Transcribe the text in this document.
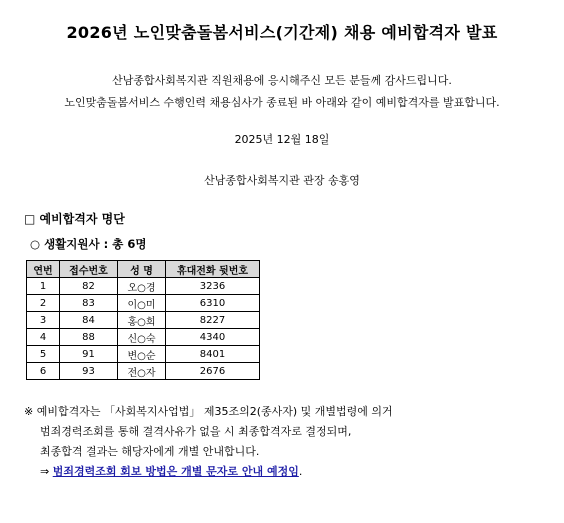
2026년 노인맞춤돌봄서비스(기간제) 채용 예비합격자 발표
산남종합사회복지관 직원채용에 응시해주신 모든 분들께 감사드립니다.
노인맞춤돌봄서비스 수행인력 채용심사가 종료된 바 아래와 같이 예비합격자를 발표합니다.
2025년 12월 18일
산남종합사회복지관 관장 송홍영
□ 예비합격자 명단
○ 생활지원사 : 총 6명
연번	접수번호	성 명	휴대전화 뒷번호
1	82	오○경	3236
2	83	이○미	6310
3	84	홍○희	8227
4	88	신○숙	4340
5	91	변○순	8401
6	93	전○자	2676
※ 예비합격자는 「사회복지사업법」 제35조의2(종사자) 및 개별법령에 의거
범죄경력조회를 통해 결격사유가 없을 시 최종합격자로 결정되며,
최종합격 결과는 해당자에게 개별 안내합니다.
⇒ 범죄경력조회 회보 방법은 개별 문자로 안내 예정임.
